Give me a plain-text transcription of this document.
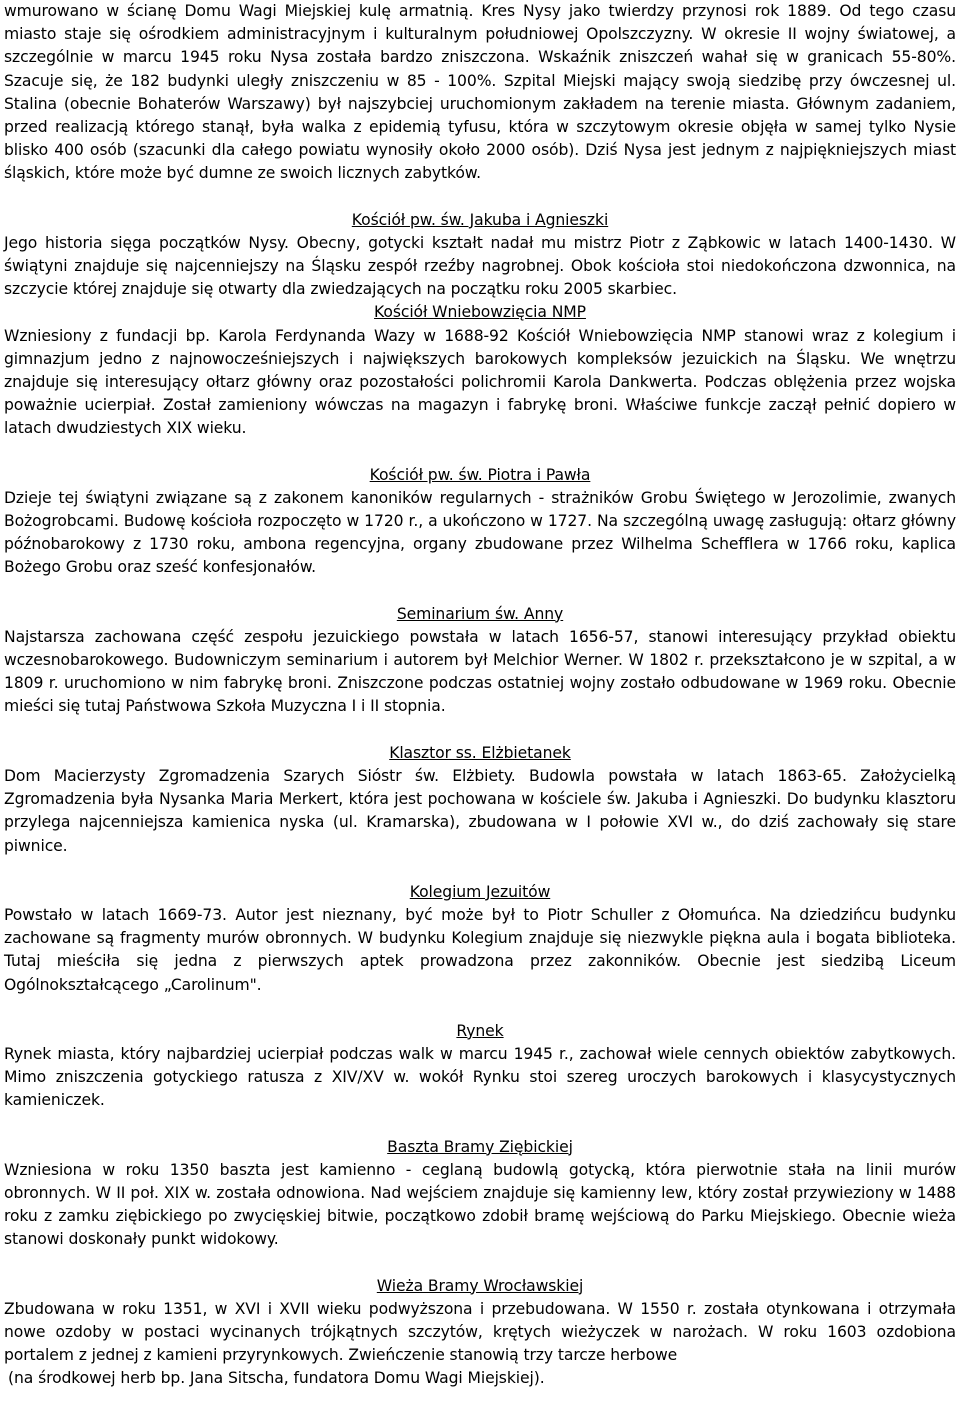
wmurowano w ścianę Domu Wagi Miejskiej kulę armatnią. Kres Nysy jako twierdzy przynosi rok 1889. Od tego czasu miasto staje się ośrodkiem administracyjnym i kulturalnym południowej Opolszczyzny. W okresie II wojny światowej, a szczególnie w marcu 1945 roku Nysa została bardzo zniszczona. Wskaźnik zniszczeń wahał się w granicach 55-80%. Szacuje się, że 182 budynki uległy zniszczeniu w 85 - 100%. Szpital Miejski mający swoją siedzibę przy ówczesnej ul. Stalina (obecnie Bohaterów Warszawy) był najszybciej uruchomionym zakładem na terenie miasta. Głównym zadaniem, przed realizacją którego stanął, była walka z epidemią tyfusu, która w szczytowym okresie objęła w samej tylko Nysie blisko 400 osób (szacunki dla całego powiatu wynosiły około 2000 osób). Dziś Nysa jest jednym z najpiękniejszych miast śląskich, które może być dumne ze swoich licznych zabytków.

Kościół pw. św. Jakuba i Agnieszki

Jego historia sięga początków Nysy. Obecny, gotycki kształt nadał mu mistrz Piotr z Ząbkowic w latach 1400-1430. W świątyni znajduje się najcenniejszy na Śląsku zespół rzeźby nagrobnej. Obok kościoła stoi niedokończona dzwonnica, na szczycie której znajduje się otwarty dla zwiedzających na początku roku 2005 skarbiec.

Kościół Wniebowzięcia NMP

Wzniesiony z fundacji bp. Karola Ferdynanda Wazy w 1688-92 Kościół Wniebowzięcia NMP stanowi wraz z kolegium i gimnazjum jedno z najnowocześniejszych i największych barokowych kompleksów jezuickich na Śląsku. We wnętrzu znajduje się interesujący ołtarz główny oraz pozostałości polichromii Karola Dankwerta. Podczas oblężenia przez wojska poważnie ucierpiał. Został zamieniony wówczas na magazyn i fabrykę broni. Właściwe funkcje zaczął pełnić dopiero w latach dwudziestych XIX wieku.

Kościół pw. św. Piotra i Pawła

Dzieje tej świątyni związane są z zakonem kanoników regularnych - strażników Grobu Świętego w Jerozolimie, zwanych Bożogrobcami. Budowę kościoła rozpoczęto w 1720 r., a ukończono w 1727. Na szczególną uwagę zasługują: ołtarz główny późnobarokowy z 1730 roku, ambona regencyjna, organy zbudowane przez Wilhelma Schefflera w 1766 roku, kaplica Bożego Grobu oraz sześć konfesjonałów.

Seminarium św. Anny

Najstarsza zachowana część zespołu jezuickiego powstała w latach 1656-57, stanowi interesujący przykład obiektu wczesnobarokowego. Budowniczym seminarium i autorem był Melchior Werner. W 1802 r. przekształcono je w szpital, a w 1809 r. uruchomiono w nim fabrykę broni. Zniszczone podczas ostatniej wojny zostało odbudowane w 1969 roku. Obecnie mieści się tutaj Państwowa Szkoła Muzyczna I i II stopnia.

Klasztor ss. Elżbietanek

Dom Macierzysty Zgromadzenia Szarych Sióstr św. Elżbiety. Budowla powstała w latach 1863-65. Założycielką Zgromadzenia była Nysanka Maria Merkert, która jest pochowana w kościele św. Jakuba i Agnieszki. Do budynku klasztoru przylega najcenniejsza kamienica nyska (ul. Kramarska), zbudowana w I połowie XVI w., do dziś zachowały się stare piwnice.

Kolegium Jezuitów

Powstało w latach 1669-73. Autor jest nieznany, być może był to Piotr Schuller z Ołomuńca. Na dziedzińcu budynku zachowane są fragmenty murów obronnych. W budynku Kolegium znajduje się niezwykle piękna aula i bogata biblioteka. Tutaj mieściła się jedna z pierwszych aptek prowadzona przez zakonników. Obecnie jest siedzibą Liceum Ogólnokształcącego „Carolinum".

Rynek

Rynek miasta, który najbardziej ucierpiał podczas walk w marcu 1945 r., zachował wiele cennych obiektów zabytkowych. Mimo zniszczenia gotyckiego ratusza z XIV/XV w. wokół Rynku stoi szereg uroczych barokowych i klasycystycznych kamieniczek.

Baszta Bramy Ziębickiej

Wzniesiona w roku 1350 baszta jest kamienno - ceglaną budowlą gotycką, która pierwotnie stała na linii murów obronnych. W II poł. XIX w. została odnowiona. Nad wejściem znajduje się kamienny lew, który został przywieziony w 1488 roku z zamku ziębickiego po zwycięskiej bitwie, początkowo zdobił bramę wejściową do Parku Miejskiego. Obecnie wieża stanowi doskonały punkt widokowy.

Wieża Bramy Wrocławskiej

Zbudowana w roku 1351, w XVI i XVII wieku podwyższona i przebudowana. W 1550 r. została otynkowana i otrzymała nowe ozdoby w postaci wycinanych trójkątnych szczytów, krętych wieżyczek w narożach. W roku 1603 ozdobiona portalem z jednej z kamieni przyrynkowych. Zwieńczenie stanowią trzy tarcze herbowe

(na środkowej herb bp. Jana Sitscha, fundatora Domu Wagi Miejskiej).
